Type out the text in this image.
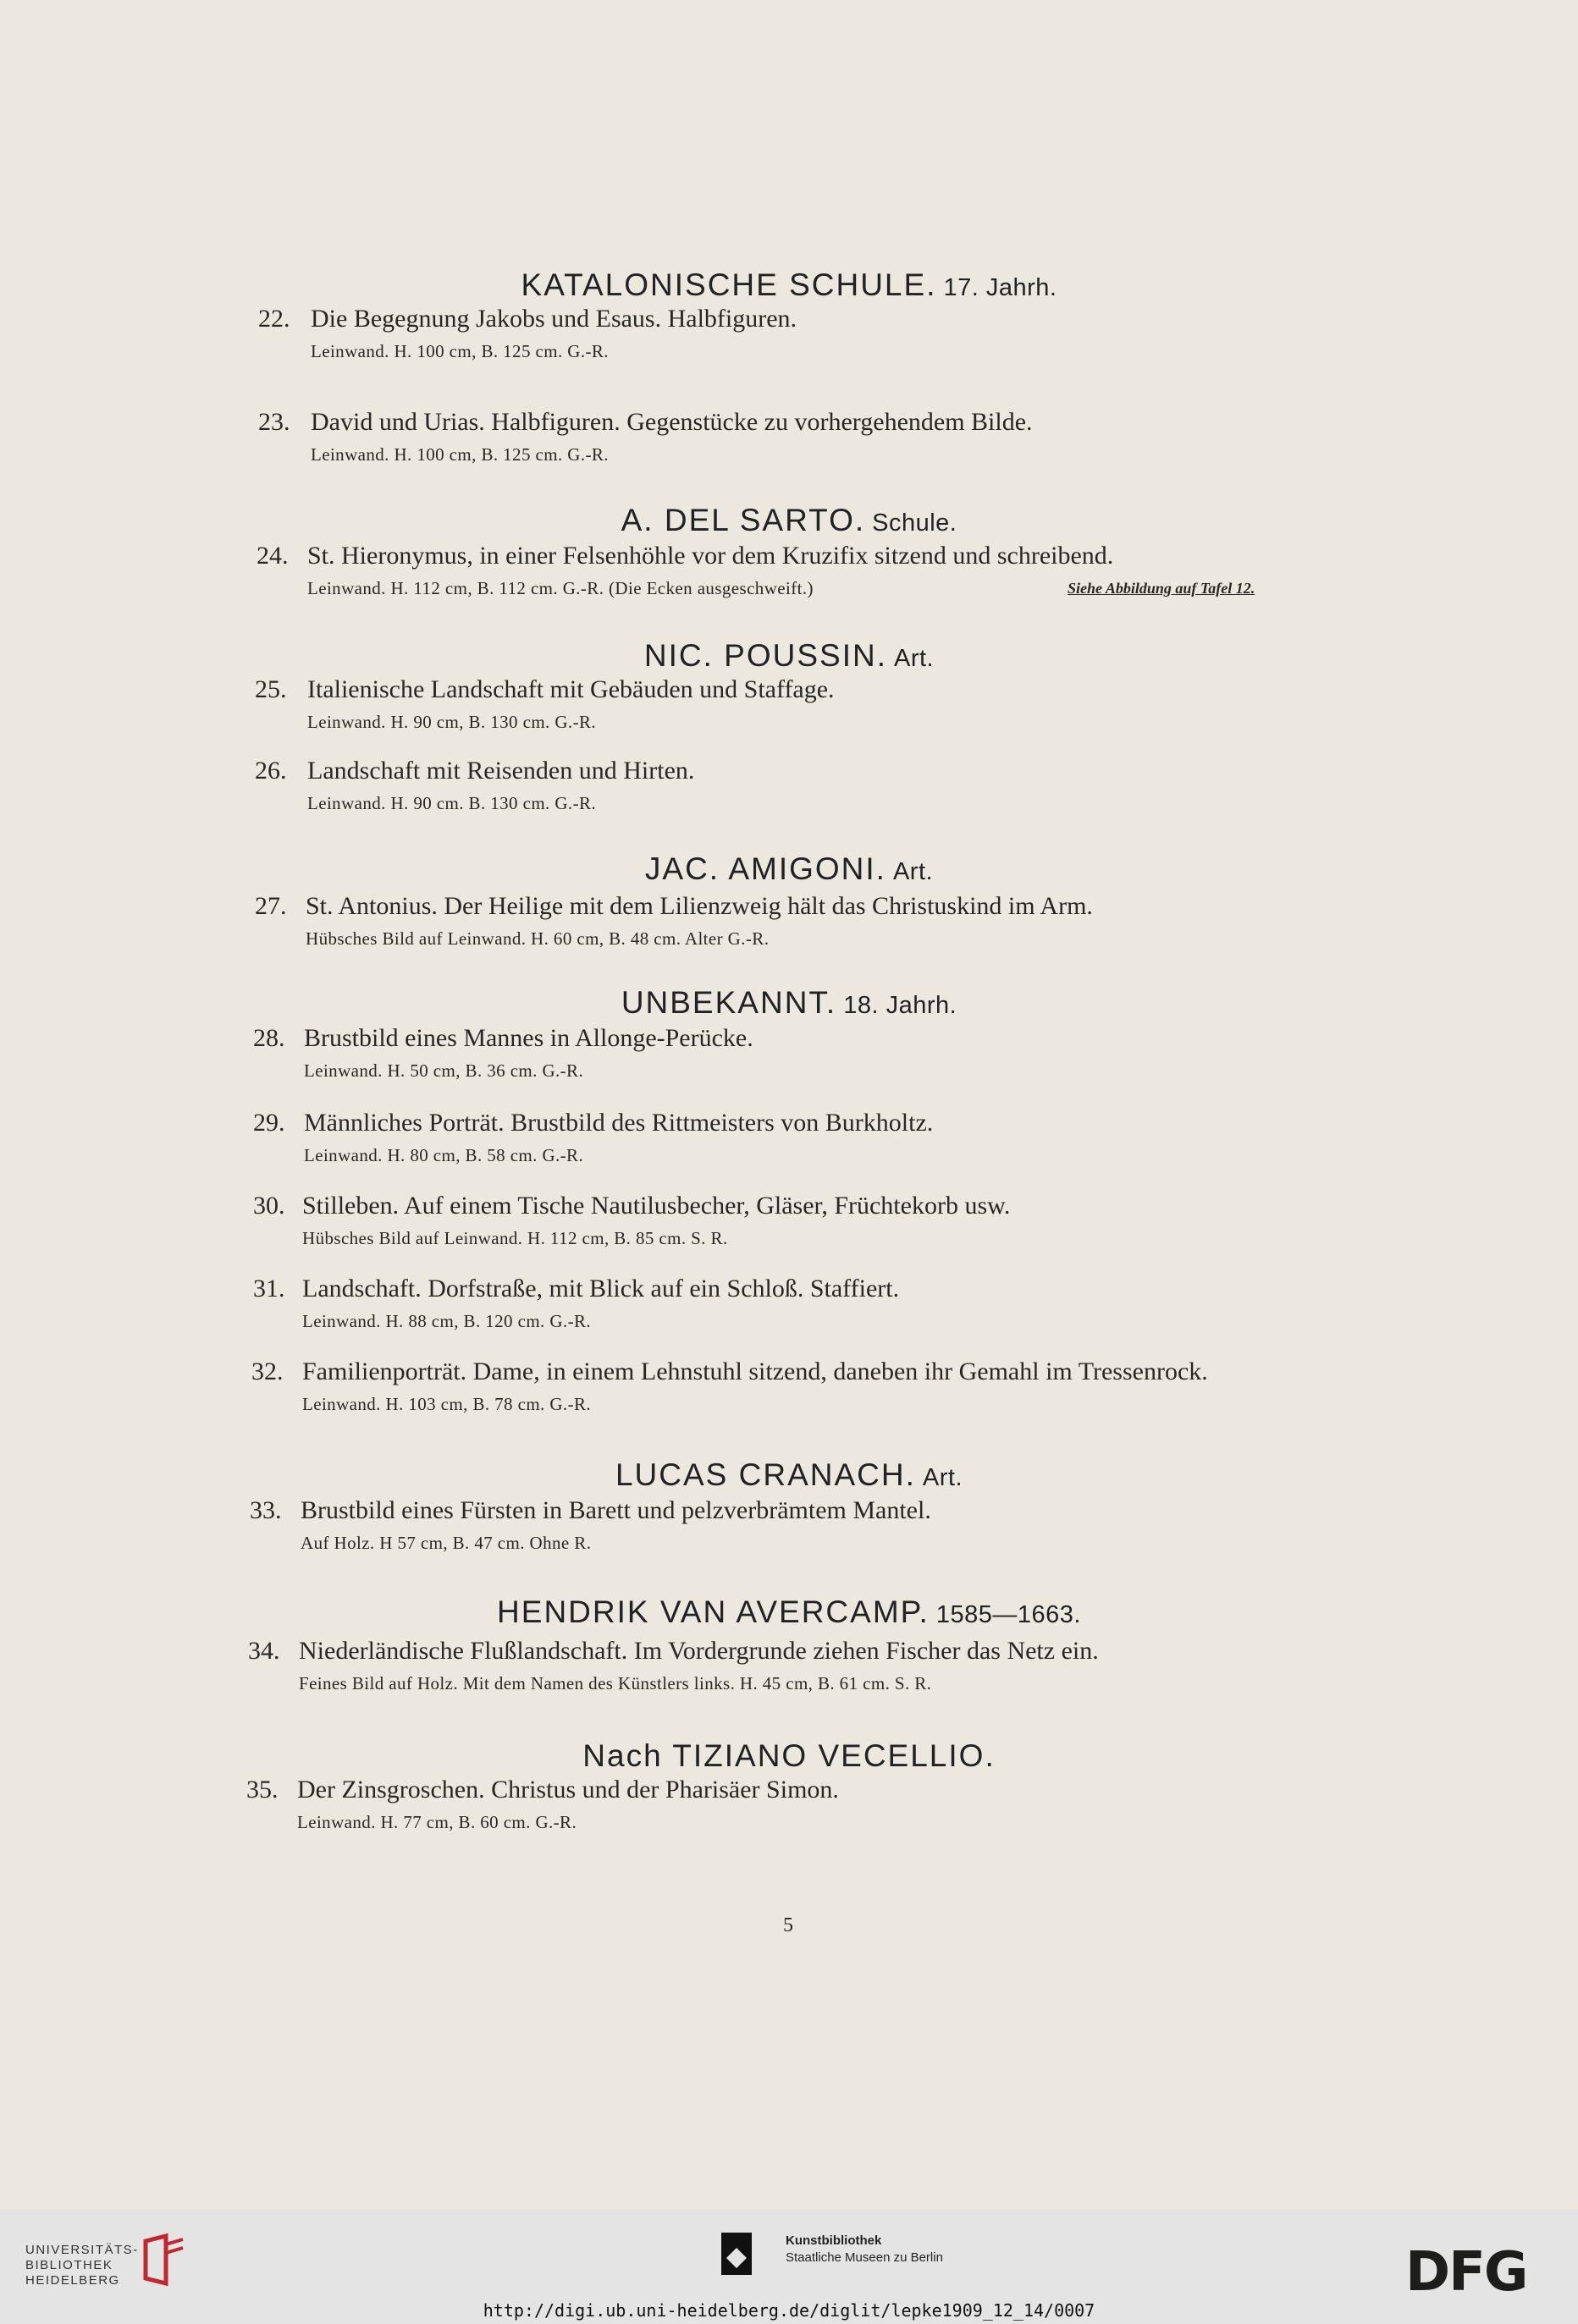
KATALONISCHE SCHULE. 17. Jahrh.
22. Die Begegnung Jakobs und Esaus. Halbfiguren.
Leinwand. H. 100 cm, B. 125 cm. G.-R.
23. David und Urias. Halbfiguren. Gegenstücke zu vorhergehendem Bilde.
Leinwand. H. 100 cm, B. 125 cm. G.-R.
A. DEL SARTO. Schule.
24. St. Hieronymus, in einer Felsenhöhle vor dem Kruzifix sitzend und schreibend.
Leinwand. H. 112 cm, B. 112 cm. G.-R. (Die Ecken ausgeschweift.)	Siehe Abbildung auf Tafel 12.
NIC. POUSSIN. Art.
25. Italienische Landschaft mit Gebäuden und Staffage.
Leinwand. H. 90 cm, B. 130 cm. G.-R.
26. Landschaft mit Reisenden und Hirten.
Leinwand. H. 90 cm. B. 130 cm. G.-R.
JAC. AMIGONI. Art.
27. St. Antonius. Der Heilige mit dem Lilienzweig hält das Christuskind im Arm.
Hübsches Bild auf Leinwand. H. 60 cm, B. 48 cm. Alter G.-R.
UNBEKANNT. 18. Jahrh.
28. Brustbild eines Mannes in Allonge-Perücke.
Leinwand. H. 50 cm, B. 36 cm. G.-R.
29. Männliches Porträt. Brustbild des Rittmeisters von Burkholtz.
Leinwand. H. 80 cm, B. 58 cm. G.-R.
30. Stilleben. Auf einem Tische Nautilusbecher, Gläser, Früchtekorb usw.
Hübsches Bild auf Leinwand. H. 112 cm, B. 85 cm. S. R.
31. Landschaft. Dorfstraße, mit Blick auf ein Schloß. Staffiert.
Leinwand. H. 88 cm, B. 120 cm. G.-R.
32. Familienporträt. Dame, in einem Lehnstuhl sitzend, daneben ihr Gemahl im Tressenrock.
Leinwand. H. 103 cm, B. 78 cm. G.-R.
LUCAS CRANACH. Art.
33. Brustbild eines Fürsten in Barett und pelzverbrämtem Mantel.
Auf Holz. H 57 cm, B. 47 cm. Ohne R.
HENDRIK VAN AVERCAMP. 1585—1663.
34. Niederländische Flußlandschaft. Im Vordergrunde ziehen Fischer das Netz ein.
Feines Bild auf Holz. Mit dem Namen des Künstlers links. H. 45 cm, B. 61 cm. S. R.
Nach TIZIANO VECELLIO.
35. Der Zinsgroschen. Christus und der Pharisäer Simon.
Leinwand. H. 77 cm, B. 60 cm. G.-R.
5
UNIVERSITÄTS-
BIBLIOTHEK
HEIDELBERG
Kunstbibliothek
Staatliche Museen zu Berlin	DFG
http://digi.ub.uni-heidelberg.de/diglit/lepke1909_12_14/0007
